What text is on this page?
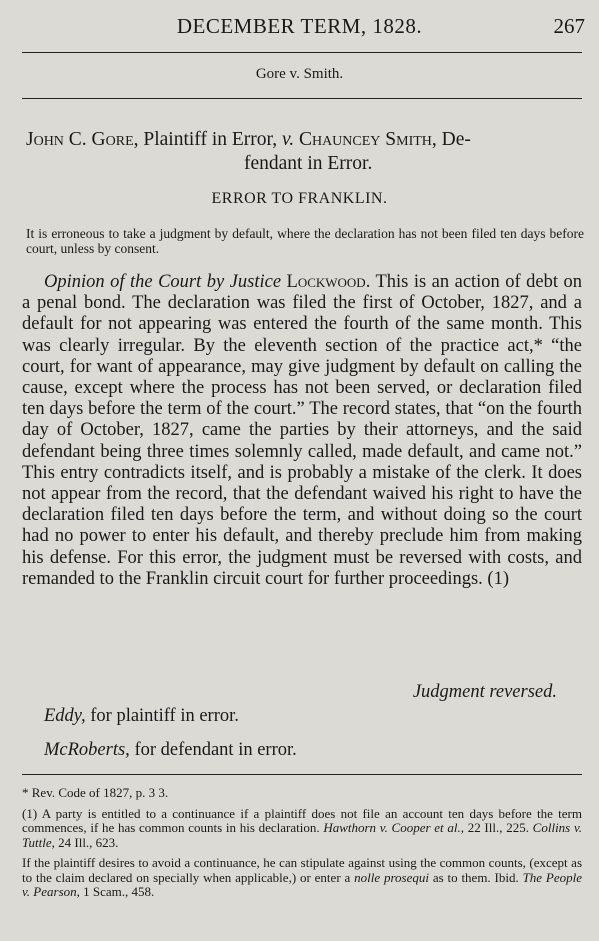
DECEMBER TERM, 1828.	267
Gore v. Smith.
John C. Gore, Plaintiff in Error, v. Chauncey Smith, De-
fendant in Error.
ERROR TO FRANKLIN.
It is erroneous to take a judgment by default, where the declaration has not been filed ten days before court, unless by consent.
Opinion of the Court by Justice Lockwood. This is an action of debt on a penal bond. The declaration was filed the first of October, 1827, and a default for not appearing was entered the fourth of the same month. This was clearly irregular. By the eleventh section of the practice act,* “the court, for want of appearance, may give judgment by default on calling the cause, except where the process has not been served, or declaration filed ten days before the term of the court.” The record states, that “on the fourth day of October, 1827, came the parties by their attorneys, and the said defendant being three times solemnly called, made default, and came not.” This entry contradicts itself, and is probably a mistake of the clerk. It does not appear from the record, that the defendant waived his right to have the declaration filed ten days before the term, and without doing so the court had no power to enter his default, and thereby preclude him from making his defense. For this error, the judgment must be reversed with costs, and remanded to the Franklin circuit court for further proceedings. (1)
Judgment reversed.
Eddy, for plaintiff in error.
McRoberts, for defendant in error.

* Rev. Code of 1827, p. 3 3.

(1) A party is entitled to a continuance if a plaintiff does not file an account ten days before the term commences, if he has common counts in his declaration. Hawthorn v. Cooper et al., 22 Ill., 225. Collins v. Tuttle, 24 Ill., 623.

If the plaintiff desires to avoid a continuance, he can stipulate against using the common counts, (except as to the claim declared on specially when applicable,) or enter a nolle prosequi as to them. Ibid. The People v. Pearson, 1 Scam., 458.
